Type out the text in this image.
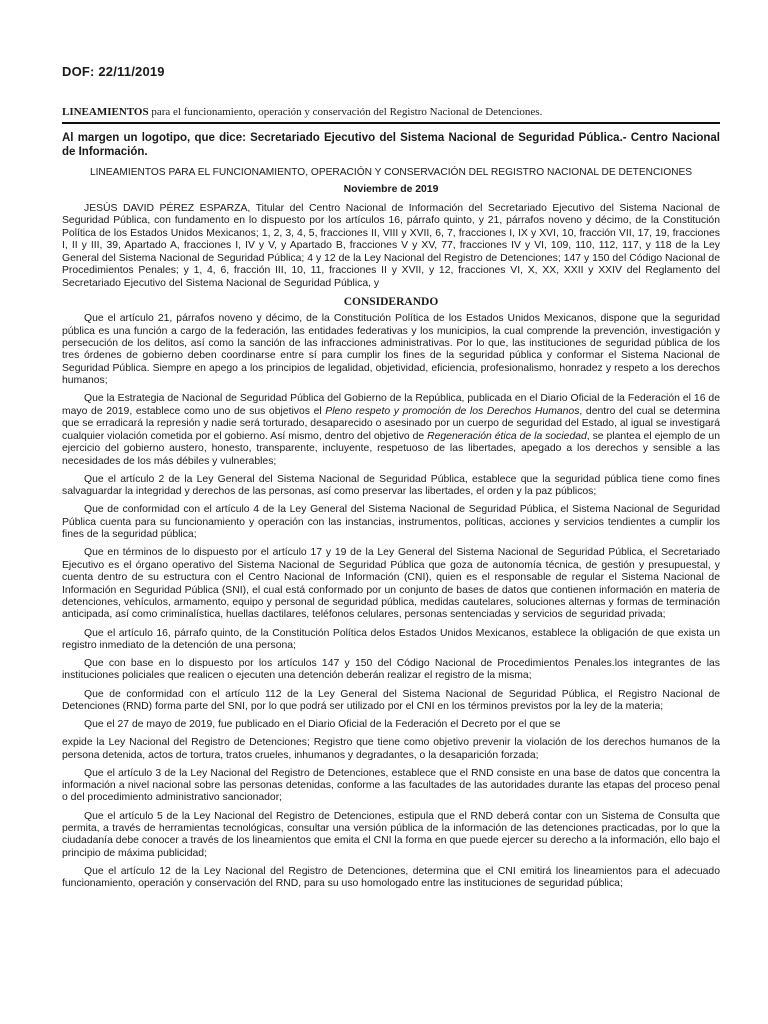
DOF: 22/11/2019
LINEAMIENTOS para el funcionamiento, operación y conservación del Registro Nacional de Detenciones.

Al margen un logotipo, que dice: Secretariado Ejecutivo del Sistema Nacional de Seguridad Pública.- Centro Nacional de Información.

LINEAMIENTOS PARA EL FUNCIONAMIENTO, OPERACIÓN Y CONSERVACIÓN DEL REGISTRO NACIONAL DE DETENCIONES

Noviembre de 2019

JESÚS DAVID PÉREZ ESPARZA, Titular del Centro Nacional de Información del Secretariado Ejecutivo del Sistema Nacional de Seguridad Pública, con fundamento en lo dispuesto por los artículos 16, párrafo quinto, y 21, párrafos noveno y décimo, de la Constitución Política de los Estados Unidos Mexicanos; 1, 2, 3, 4, 5, fracciones II, VIII y XVII, 6, 7, fracciones I, IX y XVI, 10, fracción VII, 17, 19, fracciones I, II y III, 39, Apartado A, fracciones I, IV y V, y Apartado B, fracciones V y XV, 77, fracciones IV y VI, 109, 110, 112, 117, y 118 de la Ley General del Sistema Nacional de Seguridad Pública; 4 y 12 de la Ley Nacional del Registro de Detenciones; 147 y 150 del Código Nacional de Procedimientos Penales; y 1, 4, 6, fracción III, 10, 11, fracciones II y XVII, y 12, fracciones VI, X, XX, XXII y XXIV del Reglamento del Secretariado Ejecutivo del Sistema Nacional de Seguridad Pública, y

CONSIDERANDO

Que el artículo 21, párrafos noveno y décimo, de la Constitución Política de los Estados Unidos Mexicanos, dispone que la seguridad pública es una función a cargo de la federación, las entidades federativas y los municipios, la cual comprende la prevención, investigación y persecución de los delitos, así como la sanción de las infracciones administrativas. Por lo que, las instituciones de seguridad pública de los tres órdenes de gobierno deben coordinarse entre sí para cumplir los fines de la seguridad pública y conformar el Sistema Nacional de Seguridad Pública. Siempre en apego a los principios de legalidad, objetividad, eficiencia, profesionalismo, honradez y respeto a los derechos humanos;

Que la Estrategia de Nacional de Seguridad Pública del Gobierno de la República, publicada en el Diario Oficial de la Federación el 16 de mayo de 2019, establece como uno de sus objetivos el Pleno respeto y promoción de los Derechos Humanos, dentro del cual se determina que se erradicará la represión y nadie será torturado, desaparecido o asesinado por un cuerpo de seguridad del Estado, al igual se investigará cualquier violación cometida por el gobierno. Así mismo, dentro del objetivo de Regeneración ética de la sociedad, se plantea el ejemplo de un ejercicio del gobierno austero, honesto, transparente, incluyente, respetuoso de las libertades, apegado a los derechos y sensible a las necesidades de los más débiles y vulnerables;

Que el artículo 2 de la Ley General del Sistema Nacional de Seguridad Pública, establece que la seguridad pública tiene como fines salvaguardar la integridad y derechos de las personas, así como preservar las libertades, el orden y la paz públicos;

Que de conformidad con el artículo 4 de la Ley General del Sistema Nacional de Seguridad Pública, el Sistema Nacional de Seguridad Pública cuenta para su funcionamiento y operación con las instancias, instrumentos, políticas, acciones y servicios tendientes a cumplir los fines de la seguridad pública;

Que en términos de lo dispuesto por el artículo 17 y 19 de la Ley General del Sistema Nacional de Seguridad Pública, el Secretariado Ejecutivo es el órgano operativo del Sistema Nacional de Seguridad Pública que goza de autonomía técnica, de gestión y presupuestal, y cuenta dentro de su estructura con el Centro Nacional de Información (CNI), quien es el responsable de regular el Sistema Nacional de Información en Seguridad Pública (SNI), el cual está conformado por un conjunto de bases de datos que contienen información en materia de detenciones, vehículos, armamento, equipo y personal de seguridad pública, medidas cautelares, soluciones alternas y formas de terminación anticipada, así como criminalística, huellas dactilares, teléfonos celulares, personas sentenciadas y servicios de seguridad privada;

Que el artículo 16, párrafo quinto, de la Constitución Política delos Estados Unidos Mexicanos, establece la obligación de que exista un registro inmediato de la detención de una persona;

Que con base en lo dispuesto por los artículos 147 y 150 del Código Nacional de Procedimientos Penales.los integrantes de las instituciones policiales que realicen o ejecuten una detención deberán realizar el registro de la misma;

Que de conformidad con el artículo 112 de la Ley General del Sistema Nacional de Seguridad Pública, el Registro Nacional de Detenciones (RND) forma parte del SNI, por lo que podrá ser utilizado por el CNI en los términos previstos por la ley de la materia;

Que el 27 de mayo de 2019, fue publicado en el Diario Oficial de la Federación el Decreto por el que se

expide la Ley Nacional del Registro de Detenciones; Registro que tiene como objetivo prevenir la violación de los derechos humanos de la persona detenida, actos de tortura, tratos crueles, inhumanos y degradantes, o la desaparición forzada;

Que el artículo 3 de la Ley Nacional del Registro de Detenciones, establece que el RND consiste en una base de datos que concentra la información a nivel nacional sobre las personas detenidas, conforme a las facultades de las autoridades durante las etapas del proceso penal o del procedimiento administrativo sancionador;

Que el artículo 5 de la Ley Nacional del Registro de Detenciones, estipula que el RND deberá contar con un Sistema de Consulta que permita, a través de herramientas tecnológicas, consultar una versión pública de la información de las detenciones practicadas, por lo que la ciudadanía debe conocer a través de los lineamientos que emita el CNI la forma en que puede ejercer su derecho a la información, ello bajo el principio de máxima publicidad;

Que el artículo 12 de la Ley Nacional del Registro de Detenciones, determina que el CNI emitirá los lineamientos para el adecuado funcionamiento, operación y conservación del RND, para su uso homologado entre las instituciones de seguridad pública;
